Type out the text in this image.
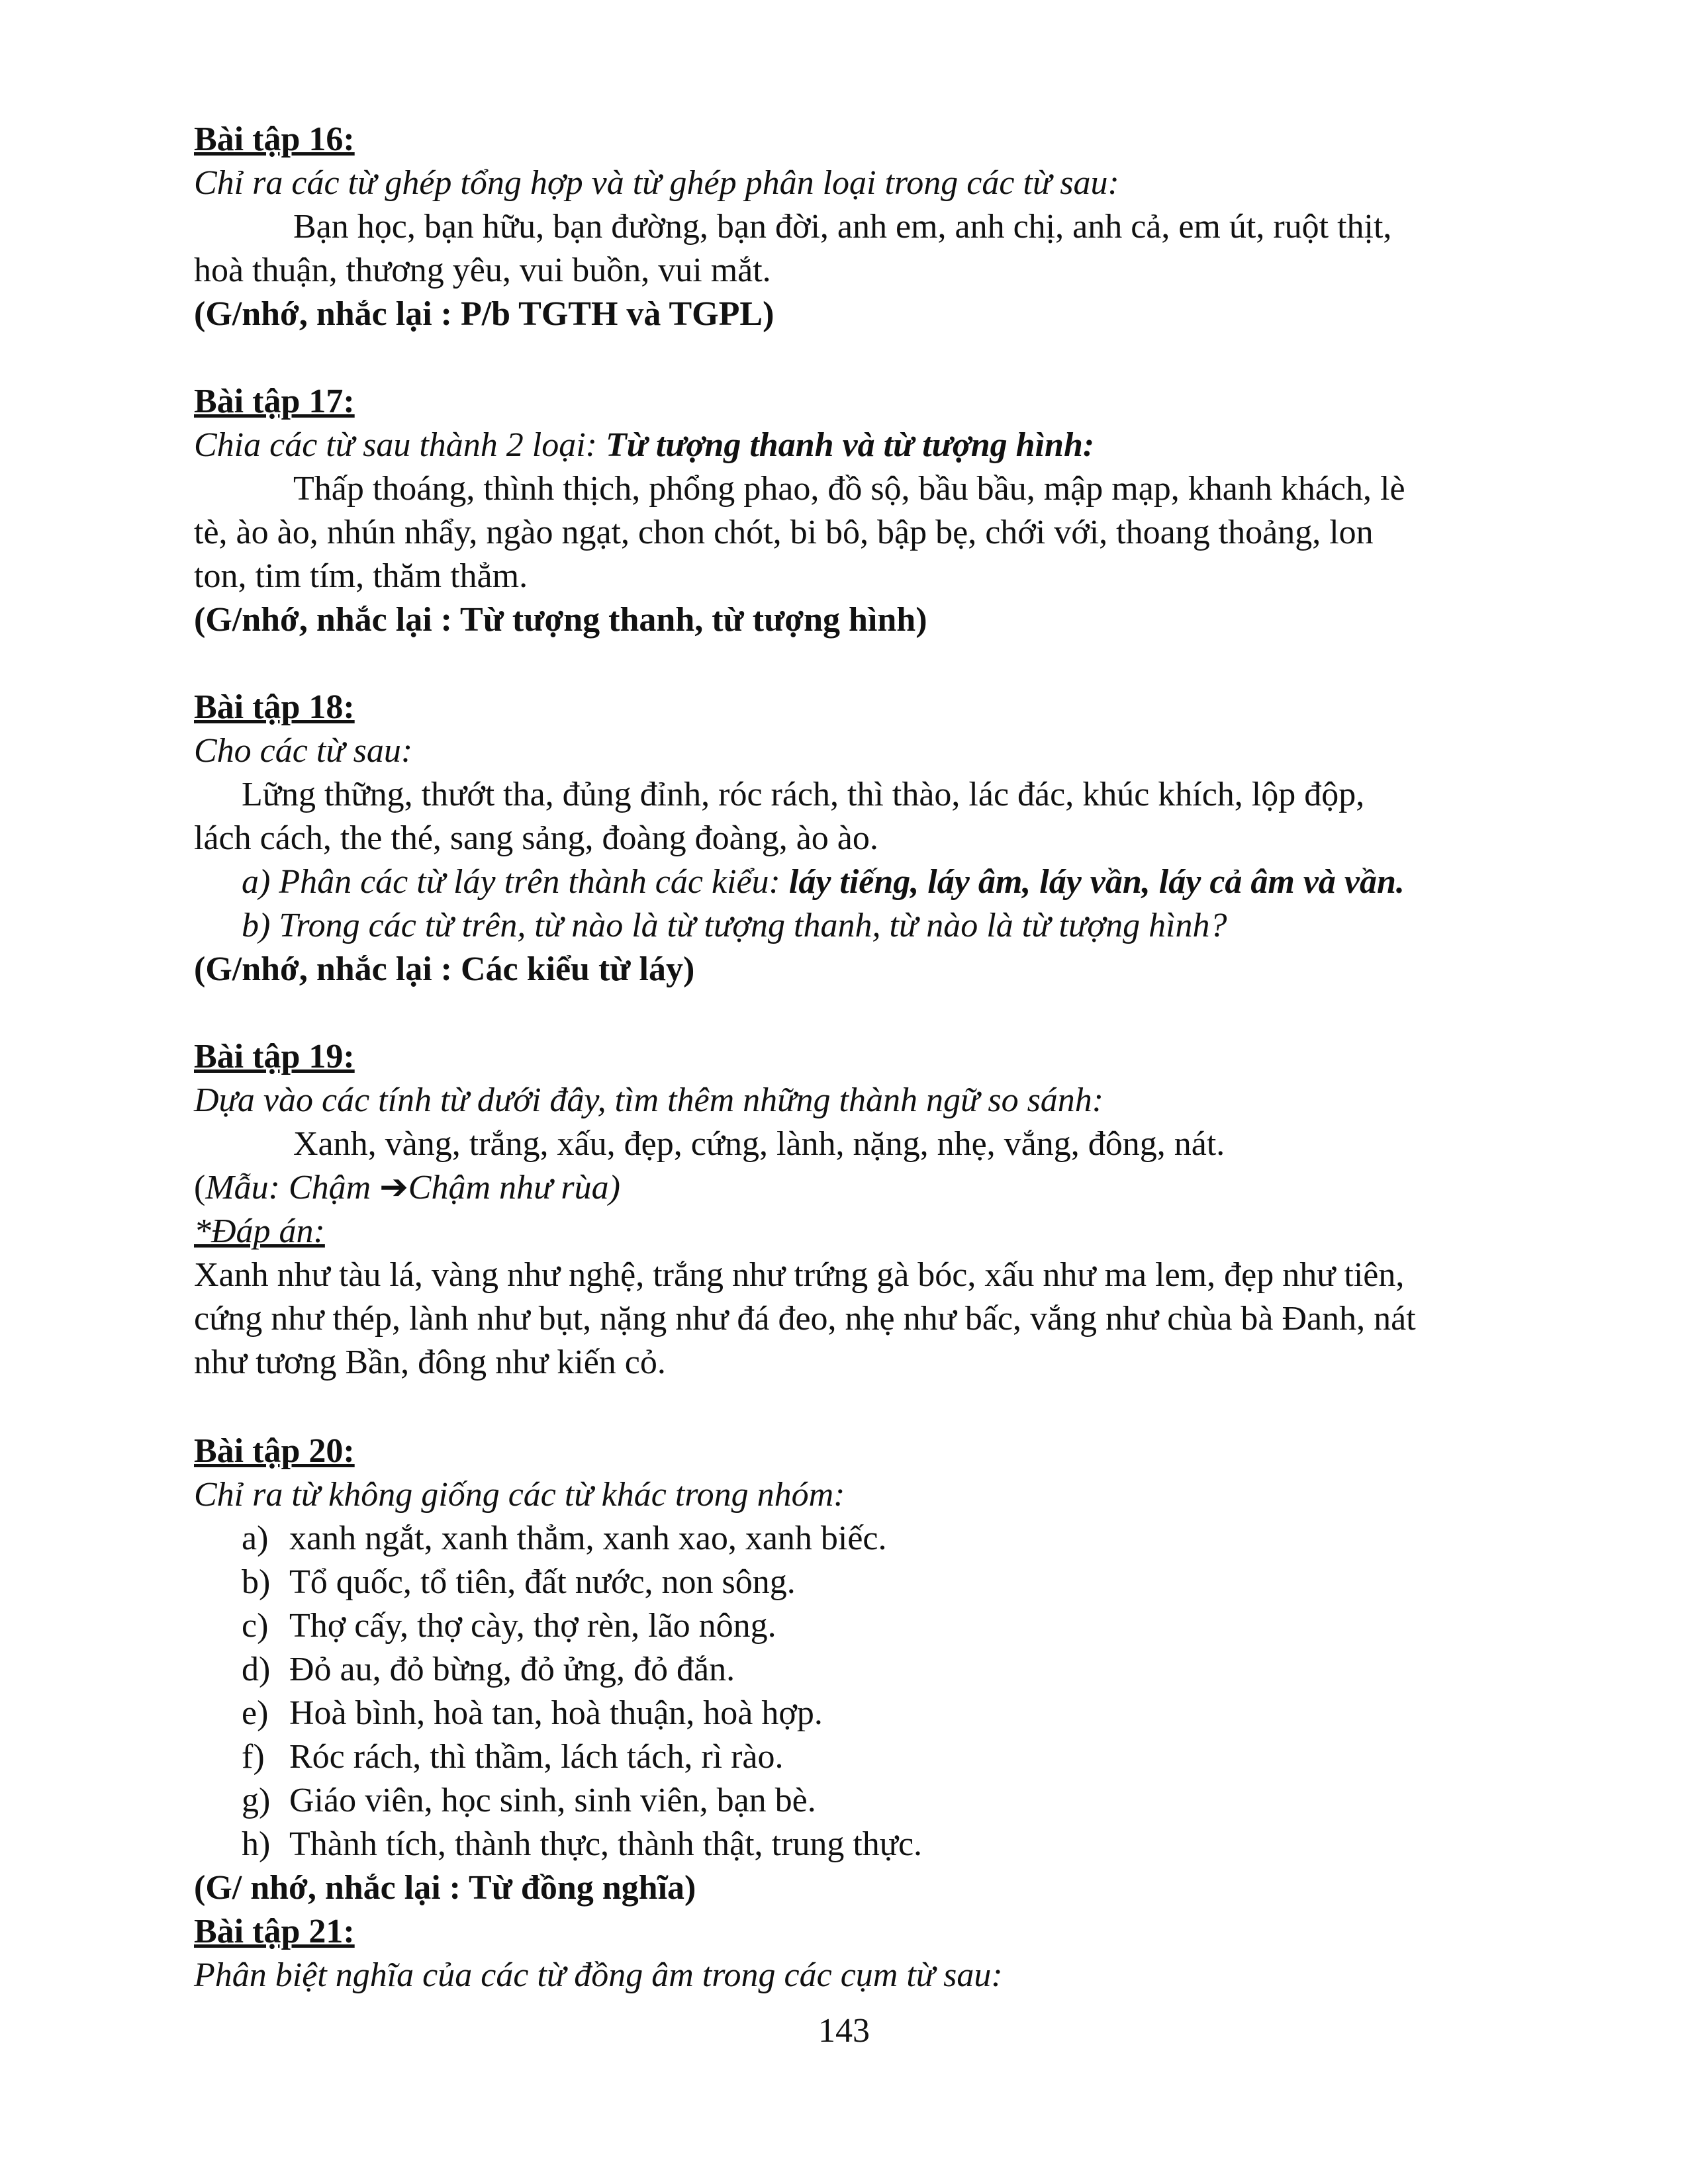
Bài tập 16:
Chỉ ra các từ ghép tổng hợp và từ ghép phân loại trong các từ sau:
Bạn học, bạn hữu, bạn đường, bạn đời, anh em, anh chị, anh cả, em út, ruột thịt,
hoà thuận, thương yêu, vui buồn, vui mắt.
(G/nhớ, nhắc lại : P/b TGTH và TGPL)
Bài tập 17:
Chia các từ sau thành 2 loại: Từ tượng thanh và từ tượng hình:
Thấp thoáng, thình thịch, phổng phao, đồ sộ, bầu bầu, mập mạp, khanh khách, lè
tè, ào ào, nhún nhẩy, ngào ngạt, chon chót, bi bô, bập bẹ, chới với, thoang thoảng, lon
ton, tim tím, thăm thẳm.
(G/nhớ, nhắc lại : Từ tượng thanh, từ tượng hình)
Bài tập 18:
Cho các từ sau:
Lững thững, thướt tha, đủng đỉnh, róc rách, thì thào, lác đác, khúc khích, lộp độp,
lách cách, the thé, sang sảng, đoàng đoàng, ào ào.
a) Phân các từ láy trên thành các kiểu: láy tiếng, láy âm, láy vần, láy cả âm và vần.
b) Trong các từ trên, từ nào là từ tượng thanh, từ nào là từ tượng hình?
(G/nhớ, nhắc lại : Các kiểu từ láy)
Bài tập 19:
Dựa vào các tính từ dưới đây, tìm thêm những thành ngữ so sánh:
Xanh, vàng, trắng, xấu, đẹp, cứng, lành, nặng, nhẹ, vắng, đông, nát.
(Mẫu: Chậm ➔Chậm như rùa)
*Đáp án:
Xanh như tàu lá, vàng như nghệ, trắng như trứng gà bóc, xấu như ma lem, đẹp như tiên,
cứng như thép, lành như bụt, nặng như đá đeo, nhẹ như bấc, vắng như chùa bà Đanh, nát
như tương Bần, đông như kiến cỏ.
Bài tập 20:
Chỉ ra từ không giống các từ khác trong nhóm:
a) xanh ngắt, xanh thẳm, xanh xao, xanh biếc.
b) Tổ quốc, tổ tiên, đất nước, non sông.
c) Thợ cấy, thợ cày, thợ rèn, lão nông.
d) Đỏ au, đỏ bừng, đỏ ửng, đỏ đắn.
e) Hoà bình, hoà tan, hoà thuận, hoà hợp.
f) Róc rách, thì thầm, lách tách, rì rào.
g) Giáo viên, học sinh, sinh viên, bạn bè.
h) Thành tích, thành thực, thành thật, trung thực.
(G/ nhớ, nhắc lại : Từ đồng nghĩa)
Bài tập 21:
Phân biệt nghĩa của các từ đồng âm trong các cụm từ sau:
143
